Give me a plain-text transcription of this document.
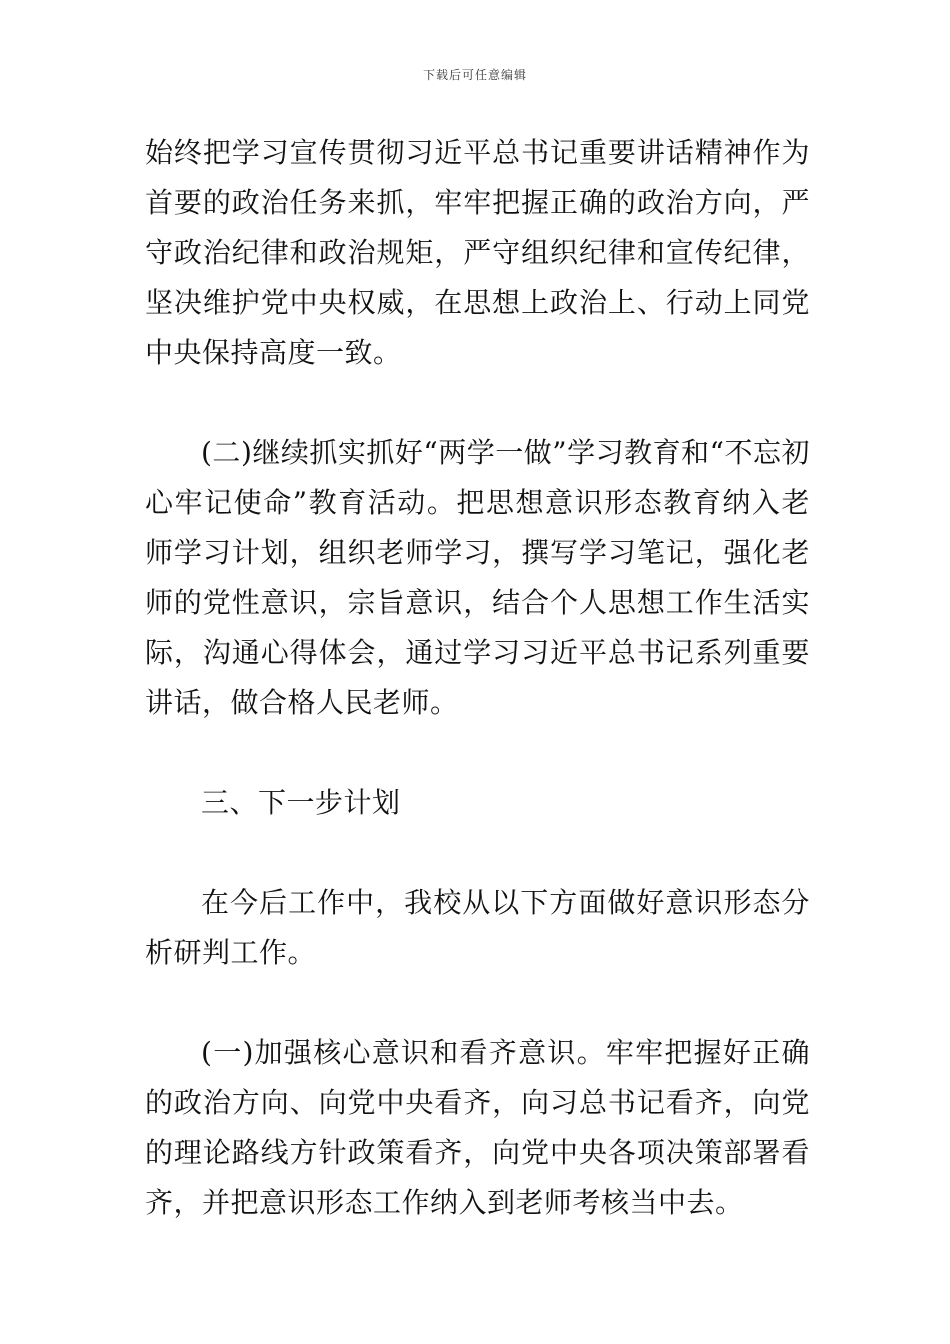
下载后可任意编辑

始终把学习宣传贯彻习近平总书记重要讲话精神作为首要的政治任务来抓，牢牢把握正确的政治方向，严守政治纪律和政治规矩，严守组织纪律和宣传纪律，坚决维护党中央权威，在思想上政治上、行动上同党中央保持高度一致。

(二)继续抓实抓好“两学一做”学习教育和“不忘初心牢记使命”教育活动。把思想意识形态教育纳入老师学习计划，组织老师学习，撰写学习笔记，强化老师的党性意识，宗旨意识，结合个人思想工作生活实际，沟通心得体会，通过学习习近平总书记系列重要讲话，做合格人民老师。

三、下一步计划

在今后工作中，我校从以下方面做好意识形态分析研判工作。

(一)加强核心意识和看齐意识。牢牢把握好正确的政治方向、向党中央看齐，向习总书记看齐，向党的理论路线方针政策看齐，向党中央各项决策部署看齐，并把意识形态工作纳入到老师考核当中去。
